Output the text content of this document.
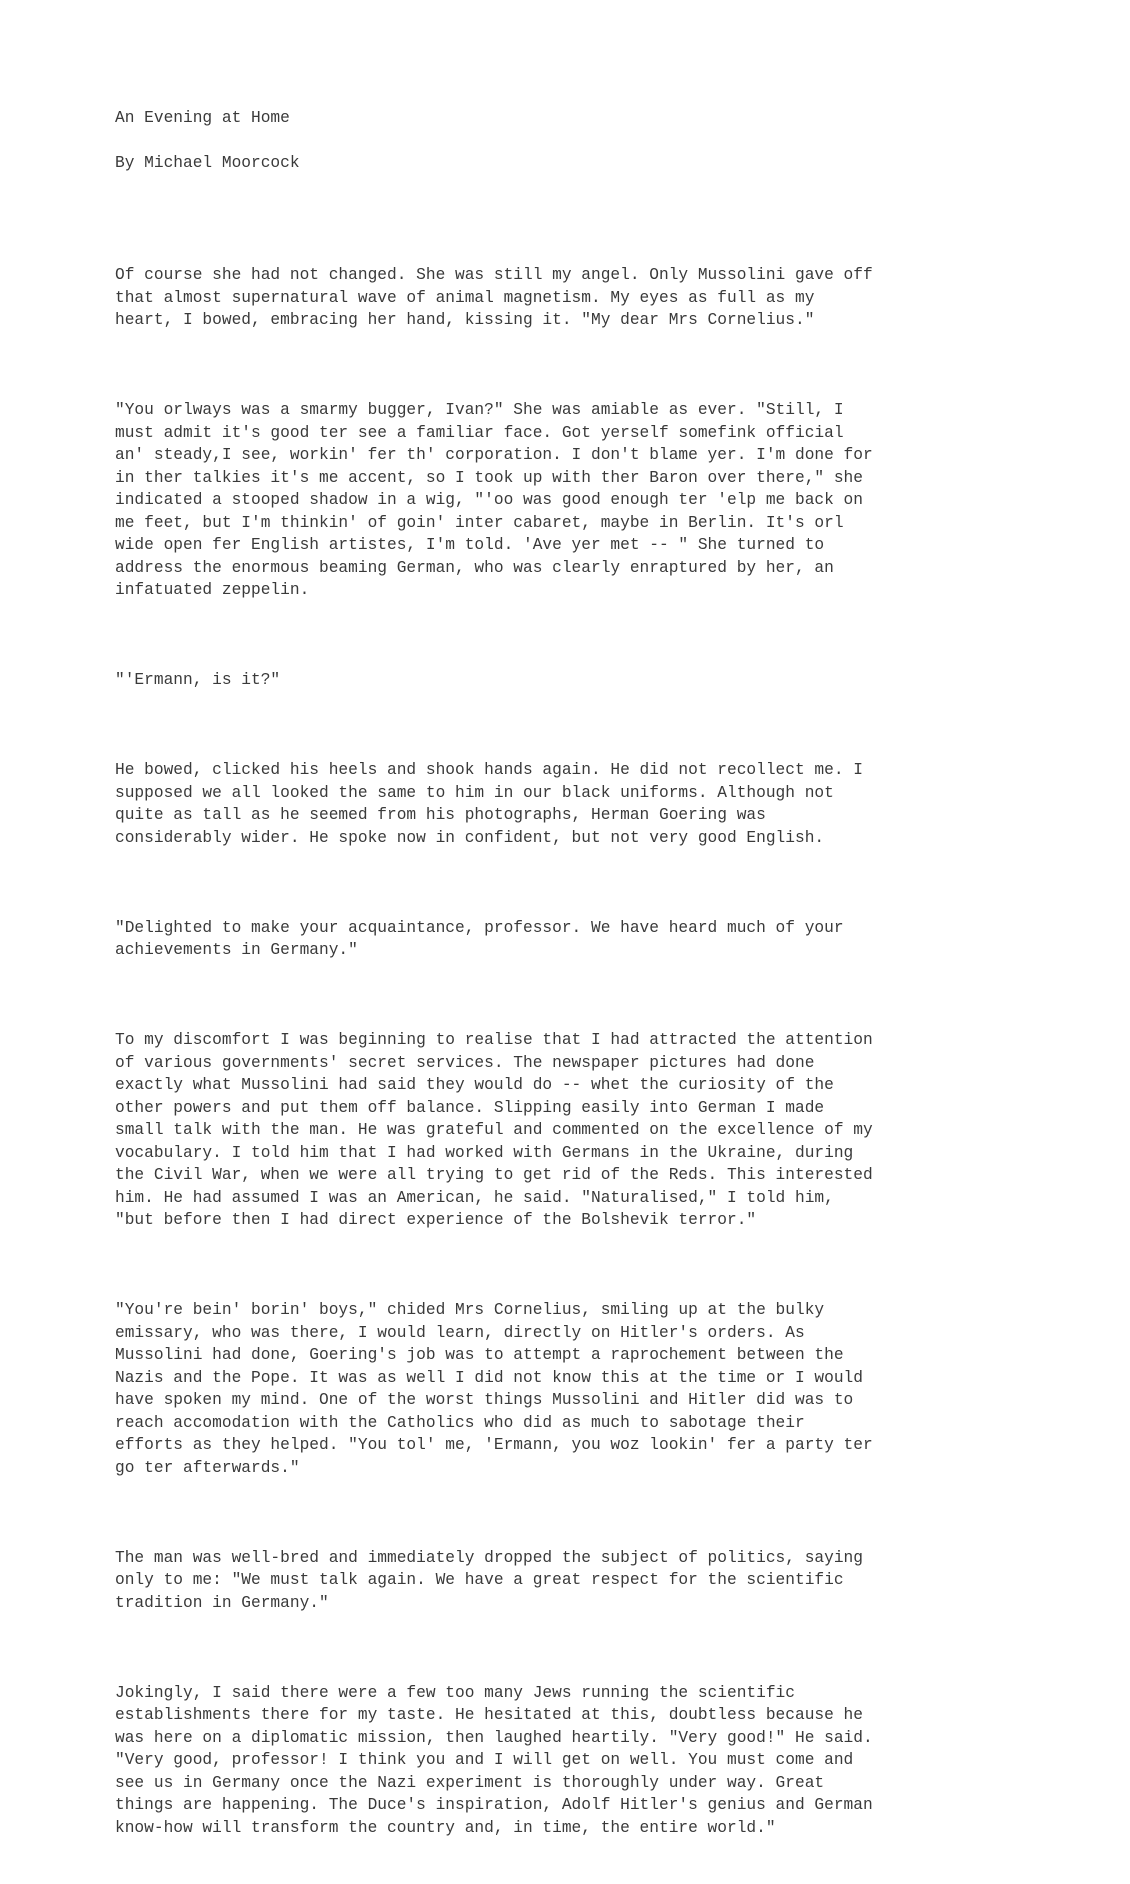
An Evening at Home

By Michael Moorcock

Of course she had not changed. She was still my angel. Only Mussolini gave off
that almost supernatural wave of animal magnetism. My eyes as full as my
heart, I bowed, embracing her hand, kissing it. "My dear Mrs Cornelius."

"You orlways was a smarmy bugger, Ivan?" She was amiable as ever. "Still, I
must admit it's good ter see a familiar face. Got yerself somefink official
an' steady,I see, workin' fer th' corporation. I don't blame yer. I'm done for
in ther talkies it's me accent, so I took up with ther Baron over there," she
indicated a stooped shadow in a wig, "'oo was good enough ter 'elp me back on
me feet, but I'm thinkin' of goin' inter cabaret, maybe in Berlin. It's orl
wide open fer English artistes, I'm told. 'Ave yer met -- " She turned to
address the enormous beaming German, who was clearly enraptured by her, an
infatuated zeppelin.

"'Ermann, is it?"

He bowed, clicked his heels and shook hands again. He did not recollect me. I
supposed we all looked the same to him in our black uniforms. Although not
quite as tall as he seemed from his photographs, Herman Goering was
considerably wider. He spoke now in confident, but not very good English.

"Delighted to make your acquaintance, professor. We have heard much of your
achievements in Germany."

To my discomfort I was beginning to realise that I had attracted the attention
of various governments' secret services. The newspaper pictures had done
exactly what Mussolini had said they would do -- whet the curiosity of the
other powers and put them off balance. Slipping easily into German I made
small talk with the man. He was grateful and commented on the excellence of my
vocabulary. I told him that I had worked with Germans in the Ukraine, during
the Civil War, when we were all trying to get rid of the Reds. This interested
him. He had assumed I was an American, he said. "Naturalised," I told him,
"but before then I had direct experience of the Bolshevik terror."

"You're bein' borin' boys," chided Mrs Cornelius, smiling up at the bulky
emissary, who was there, I would learn, directly on Hitler's orders. As
Mussolini had done, Goering's job was to attempt a raprochement between the
Nazis and the Pope. It was as well I did not know this at the time or I would
have spoken my mind. One of the worst things Mussolini and Hitler did was to
reach accomodation with the Catholics who did as much to sabotage their
efforts as they helped. "You tol' me, 'Ermann, you woz lookin' fer a party ter
go ter afterwards."

The man was well-bred and immediately dropped the subject of politics, saying
only to me: "We must talk again. We have a great respect for the scientific
tradition in Germany."

Jokingly, I said there were a few too many Jews running the scientific
establishments there for my taste. He hesitated at this, doubtless because he
was here on a diplomatic mission, then laughed heartily. "Very good!" He said.
"Very good, professor! I think you and I will get on well. You must come and
see us in Germany once the Nazi experiment is thoroughly under way. Great
things are happening. The Duce's inspiration, Adolf Hitler's genius and German
know-how will transform the country and, in time, the entire world."
